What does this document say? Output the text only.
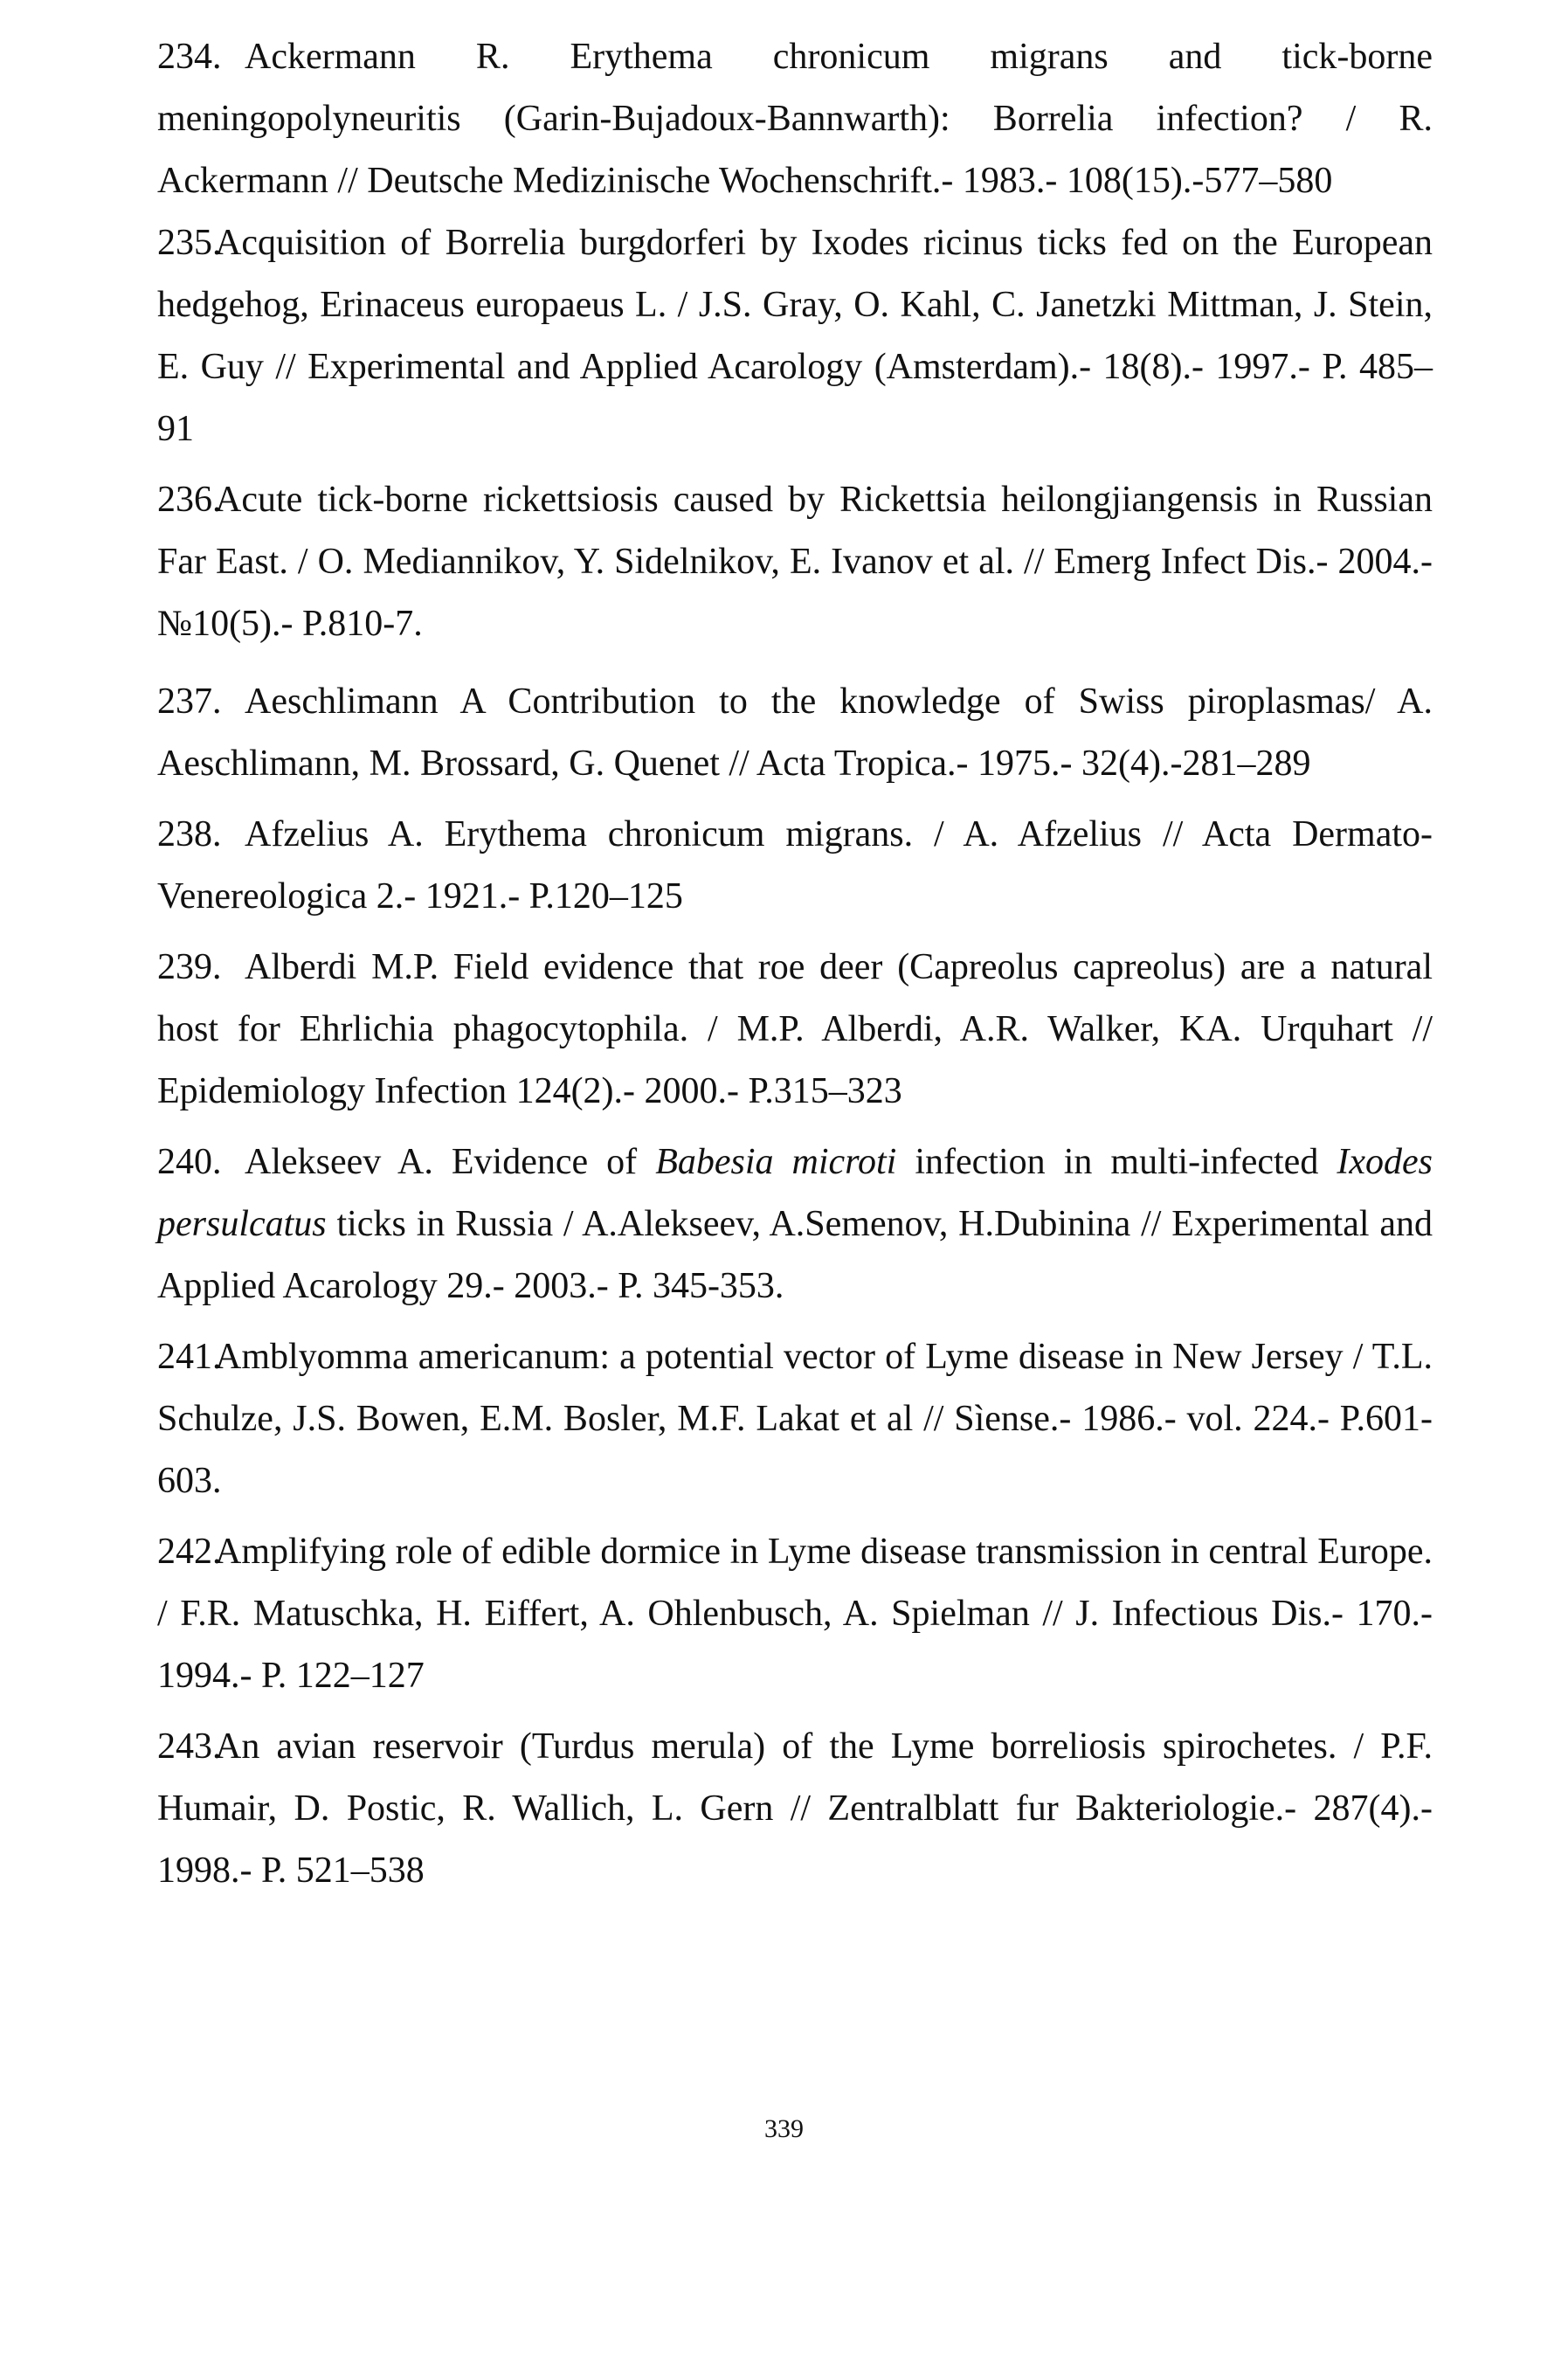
234. Ackermann R. Erythema chronicum migrans and tick-borne meningopolyneuritis (Garin-Bujadoux-Bannwarth): Borrelia infection? / R. Ackermann // Deutsche Medizinische Wochenschrift.- 1983.- 108(15).-577–580

235.
Acquisition of Borrelia burgdorferi by Ixodes ricinus ticks fed on the European hedgehog, Erinaceus europaeus L. / J.S. Gray, O. Kahl, C. Janetzki Mittman, J. Stein, E. Guy // Experimental and Applied Acarology (Amsterdam).- 18(8).- 1997.- P. 485–91

236.
Acute tick-borne rickettsiosis caused by Rickettsia heilongjiangensis in Russian Far East. / O. Mediannikov, Y. Sidelnikov, E. Ivanov et al. // Emerg Infect Dis.- 2004.- №10(5).- P.810-7.

237. Aeschlimann A Contribution to the knowledge of Swiss piroplasmas/ A. Aeschlimann, M. Brossard, G. Quenet // Acta Tropica.- 1975.- 32(4).-281–289

238. Afzelius A. Erythema chronicum migrans. / A. Afzelius // Acta Dermato-Venereologica 2.- 1921.- P.120–125

239. Alberdi M.P. Field evidence that roe deer (Capreolus capreolus) are a natural host for Ehrlichia phagocytophila. / M.P. Alberdi, A.R. Walker, KA. Urquhart // Epidemiology Infection 124(2).- 2000.- P.315–323

240. Alekseev A. Evidence of Babesia microti infection in multi-infected Ixodes persulcatus ticks in Russia / A.Alekseev, A.Semenov, H.Dubinina // Experimental and Applied Acarology 29.- 2003.- P. 345-353.

241.
Amblyomma americanum: a potential vector of Lyme disease in New Jersey / T.L. Schulze, J.S. Bowen, E.M. Bosler, M.F. Lakat et al // Sìense.- 1986.- vol. 224.- P.601-603.

242.
Amplifying role of edible dormice in Lyme disease transmission in central Europe. / F.R. Matuschka, H. Eiffert, A. Ohlenbusch, A. Spielman // J. Infectious Dis.- 170.- 1994.- P. 122–127

243.
An avian reservoir (Turdus merula) of the Lyme borreliosis spirochetes. / P.F. Humair, D. Postic, R. Wallich, L. Gern // Zentralblatt fur Bakteriologie.- 287(4).- 1998.- P. 521–538

339
